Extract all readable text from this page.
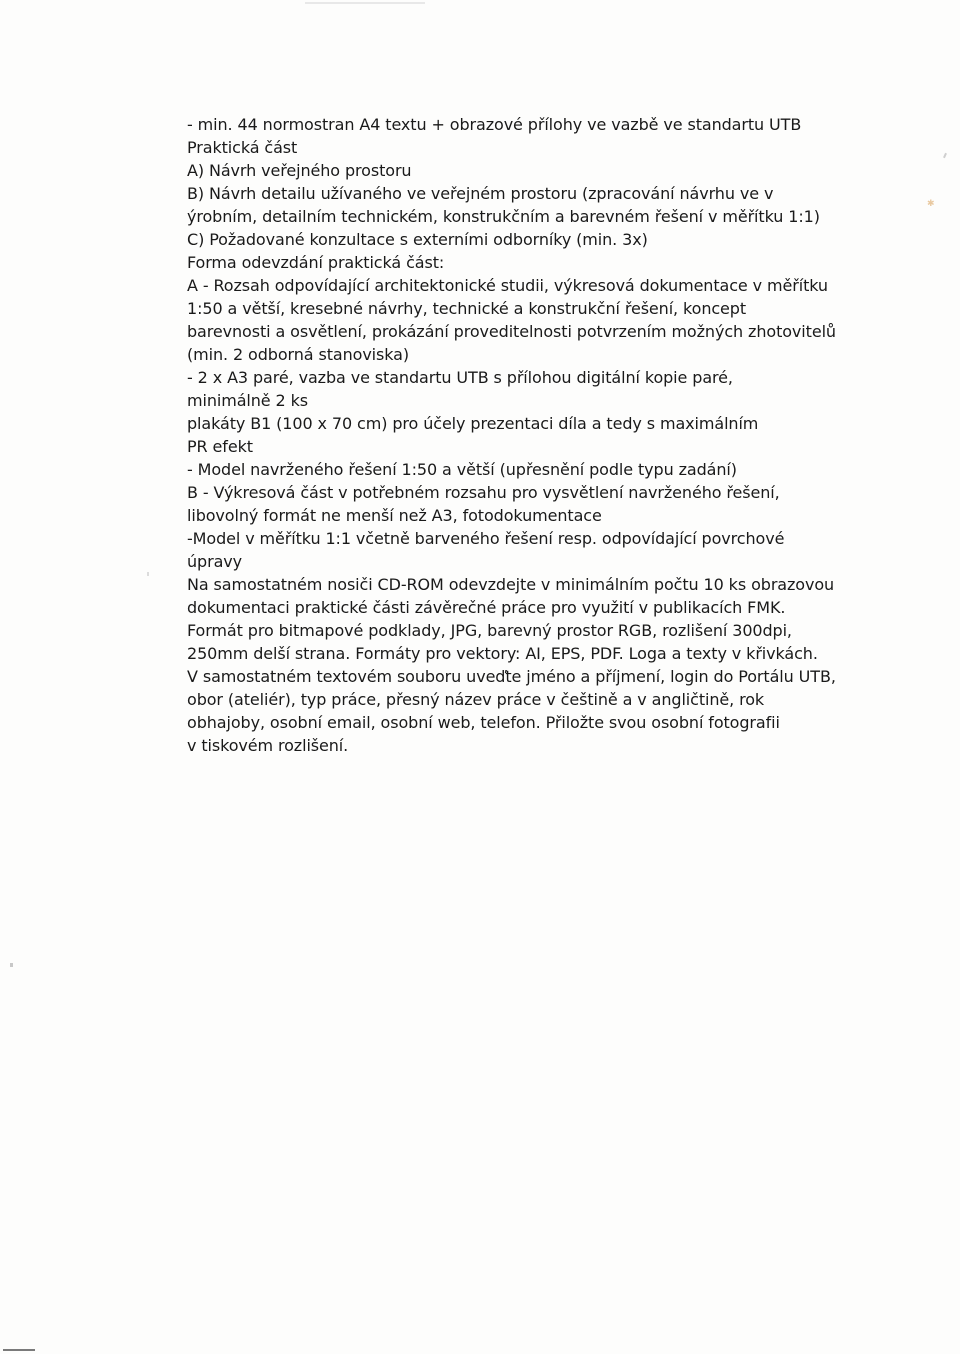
✱
- min. 44 normostran A4 textu + obrazové přílohy ve vazbě ve standartu UTB
Praktická část
A) Návrh veřejného prostoru
B) Návrh detailu užívaného ve veřejném prostoru (zpracování návrhu ve v
ýrobním, detailním technickém, konstrukčním a barevném řešení v měřítku 1:1)
C) Požadované konzultace s externími odborníky (min. 3x)
Forma odevzdání praktická část:
A - Rozsah odpovídající architektonické studii, výkresová dokumentace v měřítku
1:50 a větší, kresebné návrhy, technické a konstrukční řešení, koncept
barevnosti a osvětlení, prokázání proveditelnosti potvrzením možných zhotovitelů
(min. 2 odborná stanoviska)
- 2 x A3 paré, vazba ve standartu UTB s přílohou digitální kopie paré,
minimálně 2 ks
plakáty B1 (100 x 70 cm) pro účely prezentaci díla a tedy s maximálním
PR efekt
- Model navrženého řešení 1:50 a větší (upřesnění podle typu zadání)
B - Výkresová část v potřebném rozsahu pro vysvětlení navrženého řešení,
libovolný formát ne menší než A3, fotodokumentace
-Model v měřítku 1:1 včetně barveného řešení resp. odpovídající povrchové
úpravy
Na samostatném nosiči CD-ROM odevzdejte v minimálním počtu 10 ks obrazovou
dokumentaci praktické části závěrečné práce pro využití v publikacích FMK.
Formát pro bitmapové podklady, JPG, barevný prostor RGB, rozlišení 300dpi,
250mm delší strana. Formáty pro vektory: AI, EPS, PDF. Loga a texty v křivkách.
V samostatném textovém souboru uveďte jméno a příjmení, login do Portálu UTB,
obor (ateliér), typ práce, přesný název práce v češtině a v angličtině, rok
obhajoby, osobní email, osobní web, telefon. Přiložte svou osobní fotografii
v tiskovém rozlišení.
